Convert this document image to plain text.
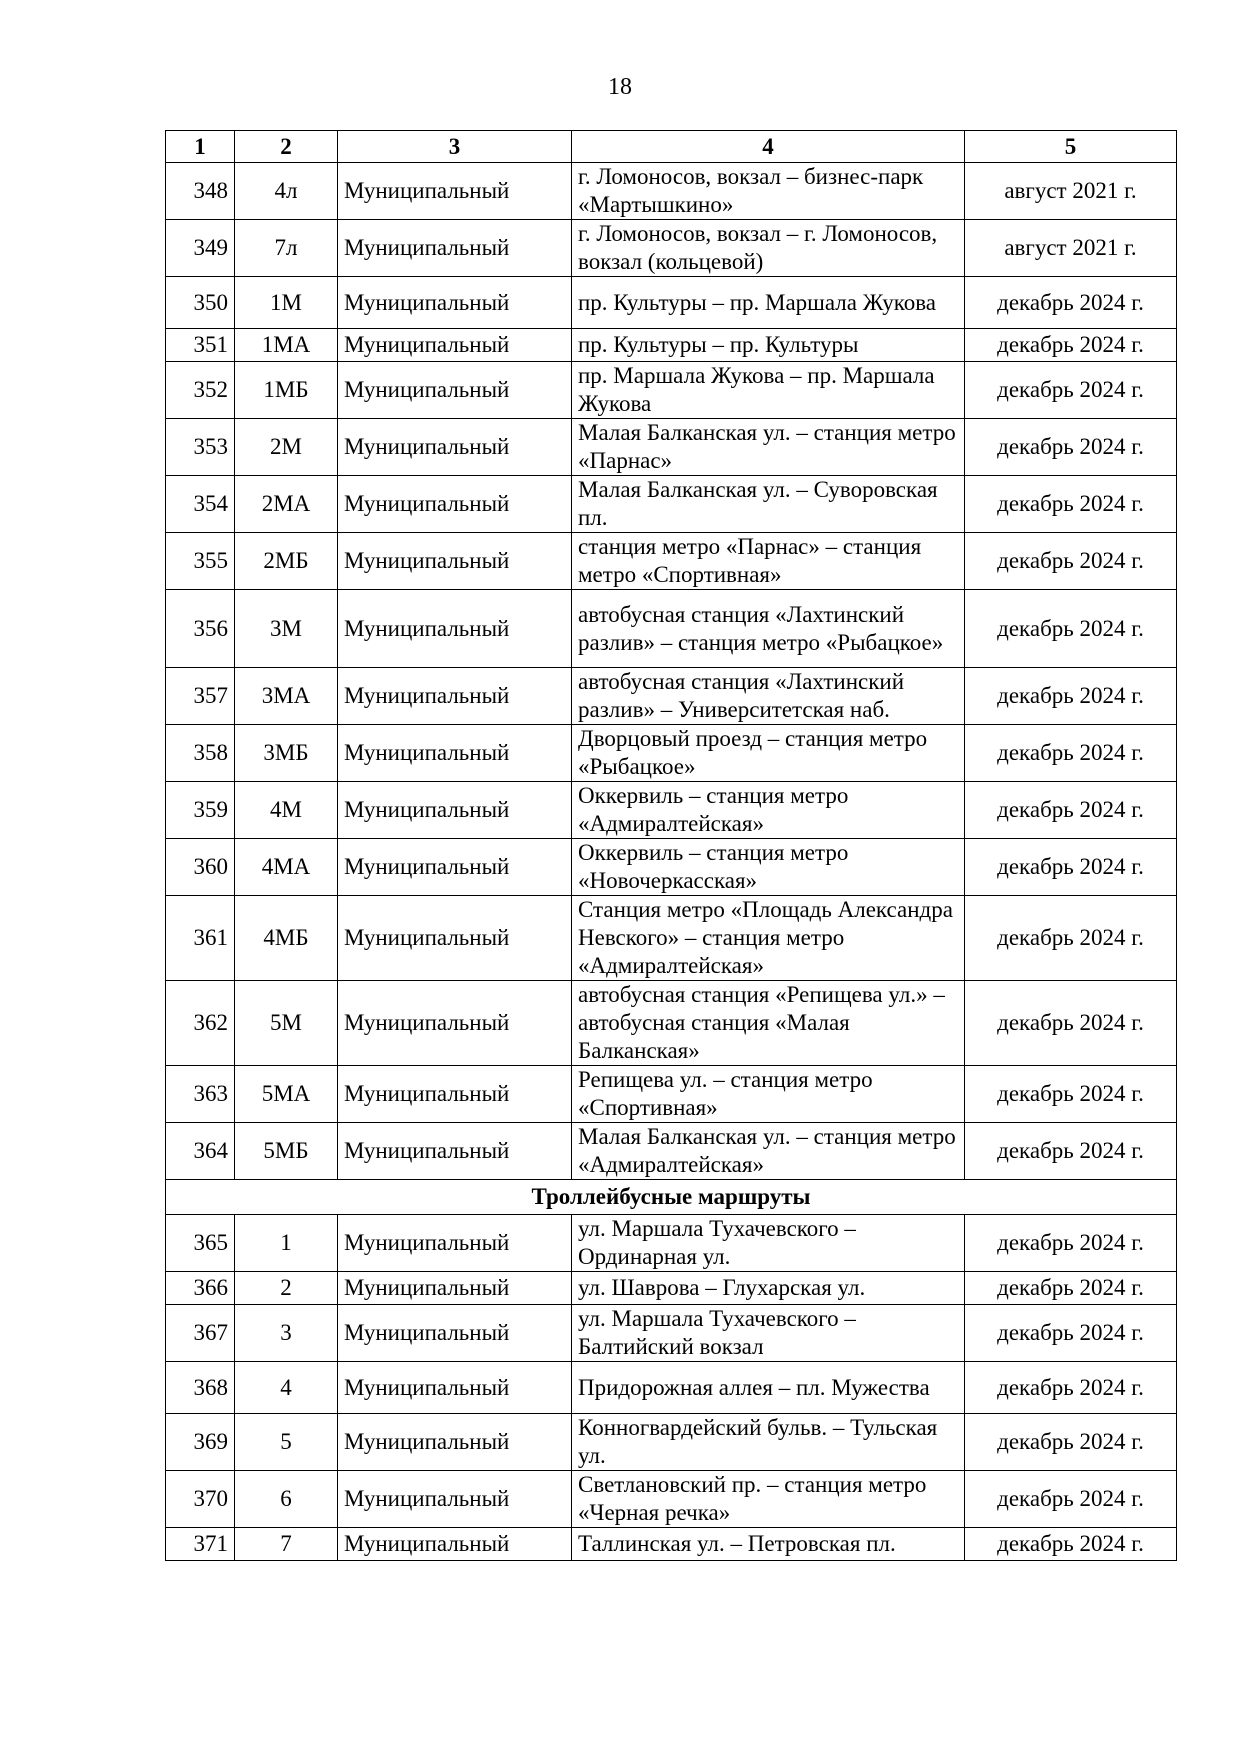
18
1	2	3	4	5
348	4л	Муниципальный	г. Ломоносов, вокзал – бизнес-парк «Мартышкино»	август 2021 г.
349	7л	Муниципальный	г. Ломоносов, вокзал – г. Ломоносов, вокзал (кольцевой)	август 2021 г.
350	1М	Муниципальный	пр. Культуры – пр. Маршала Жукова	декабрь 2024 г.
351	1МА	Муниципальный	пр. Культуры – пр. Культуры	декабрь 2024 г.
352	1МБ	Муниципальный	пр. Маршала Жукова – пр. Маршала Жукова	декабрь 2024 г.
353	2М	Муниципальный	Малая Балканская ул. – станция метро «Парнас»	декабрь 2024 г.
354	2МА	Муниципальный	Малая Балканская ул. – Суворовская пл.	декабрь 2024 г.
355	2МБ	Муниципальный	станция метро «Парнас» – станция метро «Спортивная»	декабрь 2024 г.
356	3М	Муниципальный	автобусная станция «Лахтинский разлив» – станция метро «Рыбацкое»	декабрь 2024 г.
357	3МА	Муниципальный	автобусная станция «Лахтинский разлив» – Университетская наб.	декабрь 2024 г.
358	3МБ	Муниципальный	Дворцовый проезд – станция метро «Рыбацкое»	декабрь 2024 г.
359	4М	Муниципальный	Оккервиль – станция метро «Адмиралтейская»	декабрь 2024 г.
360	4МА	Муниципальный	Оккервиль – станция метро «Новочеркасская»	декабрь 2024 г.
361	4МБ	Муниципальный	Станция метро «Площадь Александра Невского» – станция метро «Адмиралтейская»	декабрь 2024 г.
362	5М	Муниципальный	автобусная станция «Репищева ул.» – автобусная станция «Малая Балканская»	декабрь 2024 г.
363	5МА	Муниципальный	Репищева ул. – станция метро «Спортивная»	декабрь 2024 г.
364	5МБ	Муниципальный	Малая Балканская ул. – станция метро «Адмиралтейская»	декабрь 2024 г.
Троллейбусные маршруты				
365	1	Муниципальный	ул. Маршала Тухачевского – Ординарная ул.	декабрь 2024 г.
366	2	Муниципальный	ул. Шаврова – Глухарская ул.	декабрь 2024 г.
367	3	Муниципальный	ул. Маршала Тухачевского – Балтийский вокзал	декабрь 2024 г.
368	4	Муниципальный	Придорожная аллея – пл. Мужества	декабрь 2024 г.
369	5	Муниципальный	Конногвардейский бульв. – Тульская ул.	декабрь 2024 г.
370	6	Муниципальный	Светлановский пр. – станция метро «Черная речка»	декабрь 2024 г.
371	7	Муниципальный	Таллинская ул. – Петровская пл.	декабрь 2024 г.
